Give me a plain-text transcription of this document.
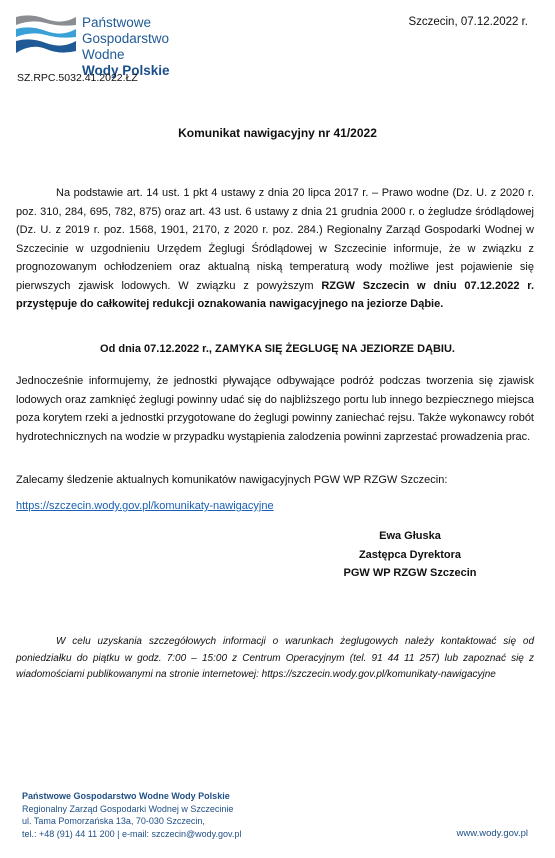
Państwowe
Gospodarstwo Wodne
Wody Polskie
SZ.RPC.5032.41.2022.ŁZ
Szczecin, 07.12.2022 r.
Komunikat nawigacyjny nr 41/2022
Na podstawie art. 14 ust. 1 pkt 4 ustawy z dnia 20 lipca 2017 r. – Prawo wodne (Dz. U. z 2020 r. poz. 310, 284, 695, 782, 875) oraz art. 43 ust. 6 ustawy z dnia 21 grudnia 2000 r. o żegludze śródlądowej (Dz. U. z 2019 r. poz. 1568, 1901, 2170, z 2020 r. poz. 284.) Regionalny Zarząd Gospodarki Wodnej w Szczecinie w uzgodnieniu Urzędem Żeglugi Śródlądowej w Szczecinie informuje, że w związku z prognozowanym ochłodzeniem oraz aktualną niską temperaturą wody możliwe jest pojawienie się pierwszych zjawisk lodowych. W związku z powyższym RZGW Szczecin w dniu 07.12.2022 r. przystępuje do całkowitej redukcji oznakowania nawigacyjnego na jeziorze Dąbie.
Od dnia 07.12.2022 r., ZAMYKA SIĘ ŻEGLUGĘ NA JEZIORZE DĄBIU.
Jednocześnie informujemy, że jednostki pływające odbywające podróż podczas tworzenia się zjawisk lodowych oraz zamknięć żeglugi powinny udać się do najbliższego portu lub innego bezpiecznego miejsca poza korytem rzeki a jednostki przygotowane do żeglugi powinny zaniechać rejsu. Także wykonawcy robót hydrotechnicznych na wodzie w przypadku wystąpienia zalodzenia powinni zaprzestać prowadzenia prac.
Zalecamy śledzenie aktualnych komunikatów nawigacyjnych PGW WP RZGW Szczecin:
https://szczecin.wody.gov.pl/komunikaty-nawigacyjne
Ewa Głuska
Zastępca Dyrektora
PGW WP RZGW Szczecin
W celu uzyskania szczegółowych informacji o warunkach żeglugowych należy kontaktować się od poniedziałku do piątku w godz. 7:00 – 15:00 z Centrum Operacyjnym (tel. 91 44 11 257) lub zapoznać się z wiadomościami publikowanymi na stronie internetowej: https://szczecin.wody.gov.pl/komunikaty-nawigacyjne
Państwowe Gospodarstwo Wodne Wody Polskie
Regionalny Zarząd Gospodarki Wodnej w Szczecinie
ul. Tama Pomorzańska 13a, 70-030 Szczecin,
tel.: +48 (91) 44 11 200 | e-mail: szczecin@wody.gov.pl	www.wody.gov.pl
